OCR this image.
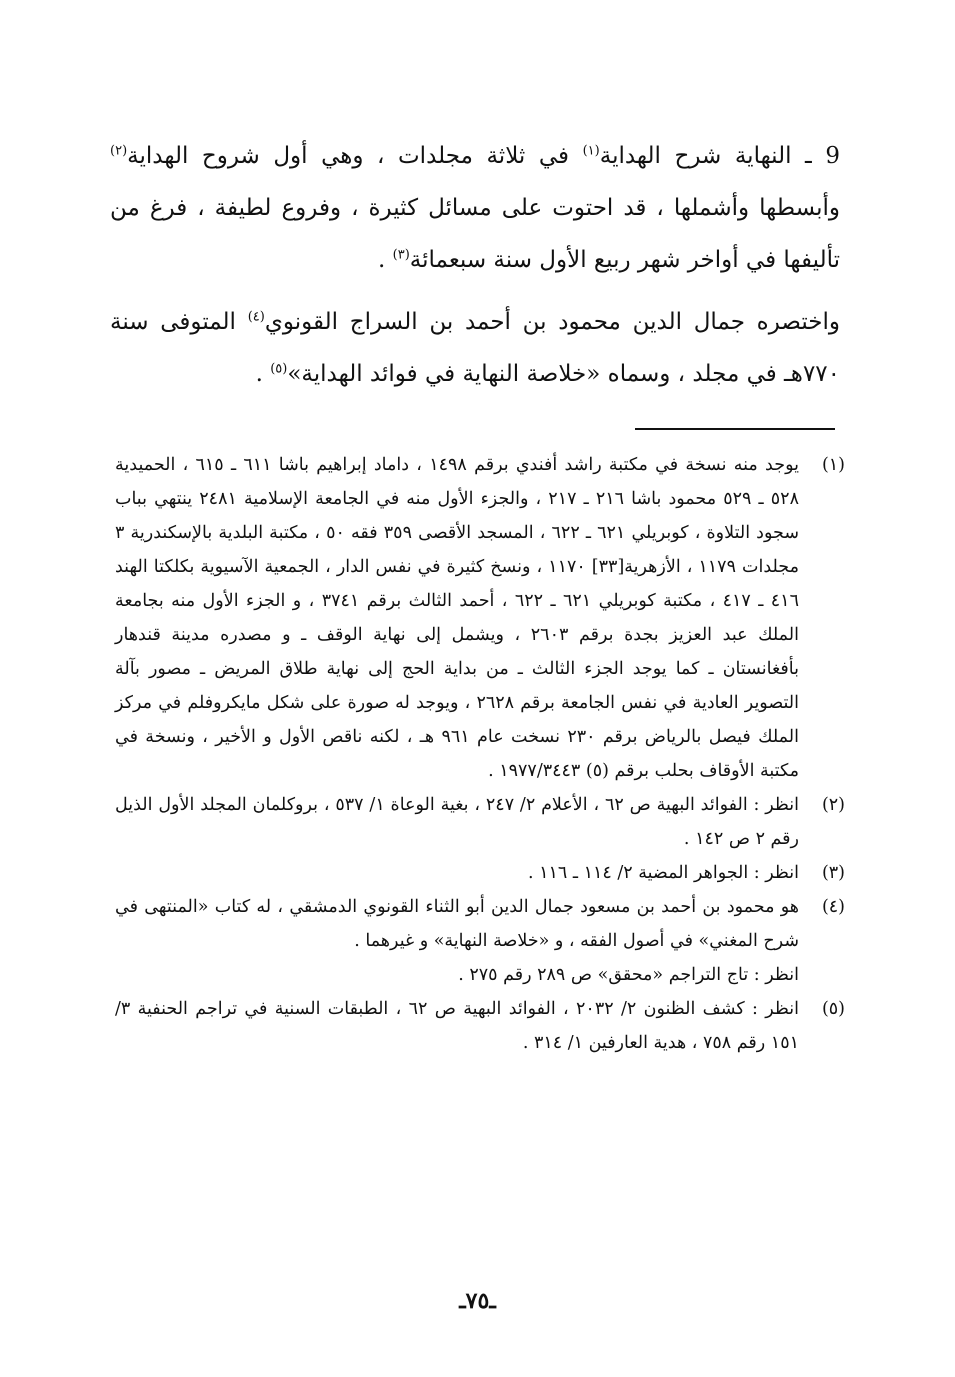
9 ـ النهاية شرح الهداية$^{(١)}$ في ثلاثة مجلدات ، وهي أول شروح الهداية$^{(٢)}$ وأبسطها وأشملها ، قد احتوت على مسائل كثيرة ، وفروع لطيفة ، فرغ من تأليفها في أواخر شهر ربيع الأول سنة سبعمائة$^{(٣)}$ .

واختصره جمال الدين محمود بن أحمد بن السراج القونوي$^{(٤)}$ المتوفى سنة ٧٧٠هـ في مجلد ، وسماه «خلاصة النهاية في فوائد الهداية»$^{(٥)}$ .

(١)

يوجد منه نسخة في مكتبة راشد أفندي برقم ١٤٩٨ ، داماد إبراهيم باشا ٦١١ ـ ٦١٥ ، الحميدية ٥٢٨ ـ ٥٢٩ محمود باشا ٢١٦ ـ ٢١٧ ، والجزء الأول منه في الجامعة الإسلامية ٢٤٨١ ينتهي بباب سجود التلاوة ، كوبريلي ٦٢١ ـ ٦٢٢ ، المسجد الأقصى ٣٥٩ فقه ٥٠ ، مكتبة البلدية بالإسكندرية ٣ مجلدات ١١٧٩ ، الأزهرية[٣٣] ١١٧٠ ، ونسخ كثيرة في نفس الدار ، الجمعية الآسيوية بكلكتا الهند ٤١٦ ـ ٤١٧ ، مكتبة كوبريلي ٦٢١ ـ ٦٢٢ ، أحمد الثالث برقم ٣٧٤١ ، و الجزء الأول منه بجامعة الملك عبد العزيز بجدة برقم ٢٦٠٣ ، ويشمل إلى نهاية الوقف ـ و مصدره مدينة قندهار بأفغانستان ـ كما يوجد الجزء الثالث ـ من بداية الحج إلى نهاية طلاق المريض ـ مصور بآلة التصوير العادية في نفس الجامعة برقم ٢٦٢٨ ، ويوجد له صورة على شكل مايكروفلم في مركز الملك فيصل بالرياض برقم ٢٣٠ نسخت عام ٩٦١ هـ ، لكنه ناقص الأول و الأخير ، ونسخة في مكتبة الأوقاف بحلب برقم (٥) ١٩٧٧/٣٤٤٣ .

(٢)

انظر : الفوائد البهية ص ٦٢ ، الأعلام ٢/ ٢٤٧ ، بغية الوعاة ١/ ٥٣٧ ، بروكلمان المجلد الأول الذيل رقم ٢ ص ١٤٢ .

(٣)

انظر : الجواهر المضية ٢/ ١١٤ ـ ١١٦ .

(٤)

هو محمود بن أحمد بن مسعود جمال الدين أبو الثناء القونوي الدمشقي ، له كتاب «المنتهى في شرح المغني» في أصول الفقه ، و «خلاصة النهاية» و غيرهما .

انظر : تاج التراجم «محقق» ص ٢٨٩ رقم ٢٧٥ .

(٥)

انظر : كشف الظنون ٢/ ٢٠٣٢ ، الفوائد البهية ص ٦٢ ، الطبقات السنية في تراجم الحنفية ٣/ ١٥١ رقم ٧٥٨ ، هدية العارفين ١/ ٣١٤ .

ـ٧٥ـ
